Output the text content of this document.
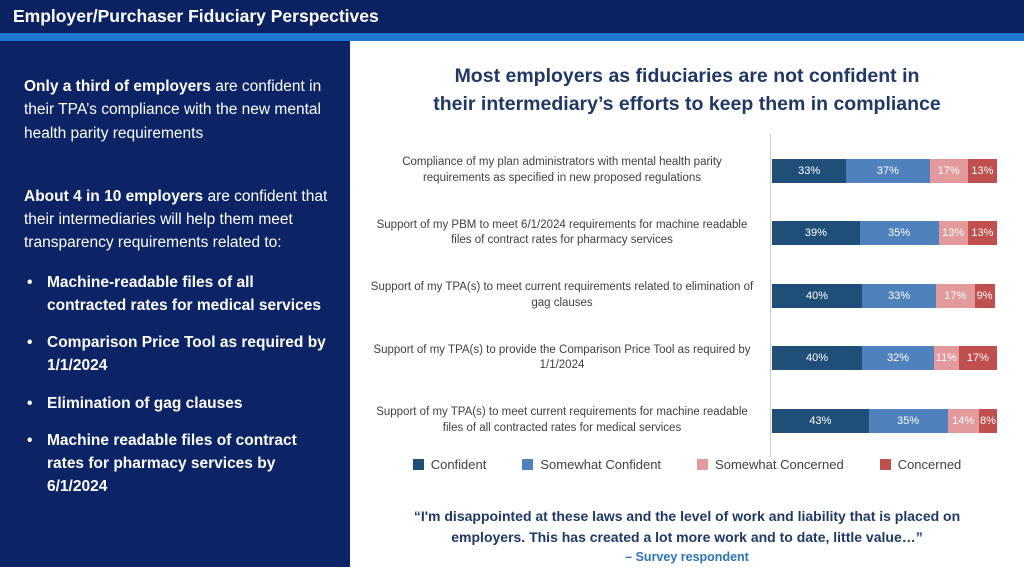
Employer/Purchaser Fiduciary Perspectives

Only a third of employers are confident in their TPA’s compliance with the new mental health parity requirements

About 4 in 10 employers are confident that their intermediaries will help them meet transparency requirements related to:

• Machine-readable files of all contracted rates for medical services
• Comparison Price Tool as required by 1/1/2024
• Elimination of gag clauses
• Machine readable files of contract rates for pharmacy services by 6/1/2024
Most employers as fiduciaries are not confident in
their intermediary’s efforts to keep them in compliance
Compliance of my plan administrators with mental health parity requirements as specified in new proposed regulations
33%	37%	17%	13%
Support of my PBM to meet 6/1/2024 requirements for machine readable files of contract rates for pharmacy services
39%	35%	13% 13%
Support of my TPA(s) to meet current requirements related to elimination of gag clauses
40%	33%	17% 9%
Support of my TPA(s) to provide the Comparison Price Tool as required by 1/1/2024
40%	32%	11% 17%
Support of my TPA(s) to meet current requirements for machine readable files of all contracted rates for medical services
43%	35%	14% 8%
Confident	Somewhat Confident	Somewhat Concerned	Concerned
“I'm disappointed at these laws and the level of work and liability that is placed on employers. This has created a lot more work and to date, little value…”
– Survey respondent
